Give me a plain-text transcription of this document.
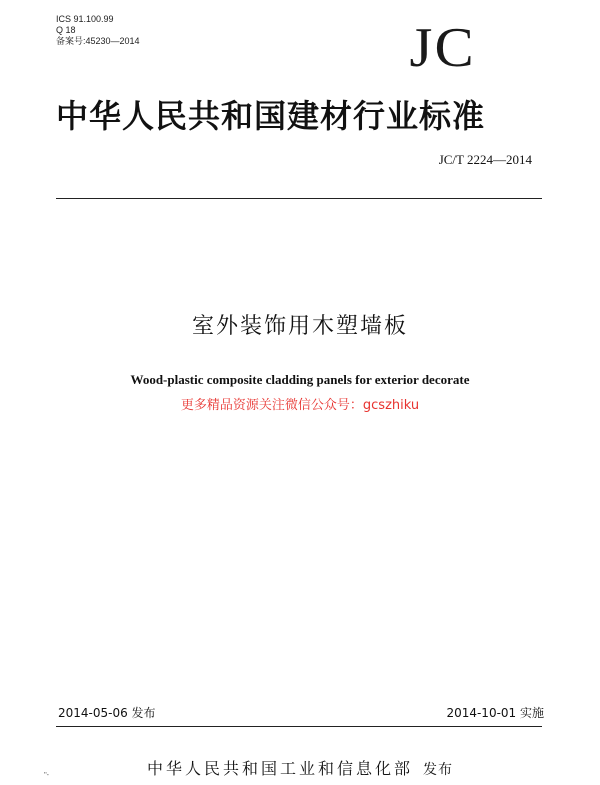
ICS 91.100.99
Q 18
备案号:45230—2014	JC
中华人民共和国建材行业标准
JC/T 2224—2014
室外装饰用木塑墙板
Wood-plastic composite cladding panels for exterior decorate
更多精品资源关注微信公众号：gcszhiku
2014-05-06 发布	2014-10-01 实施
中华人民共和国工业和信息化部 发布
''-
